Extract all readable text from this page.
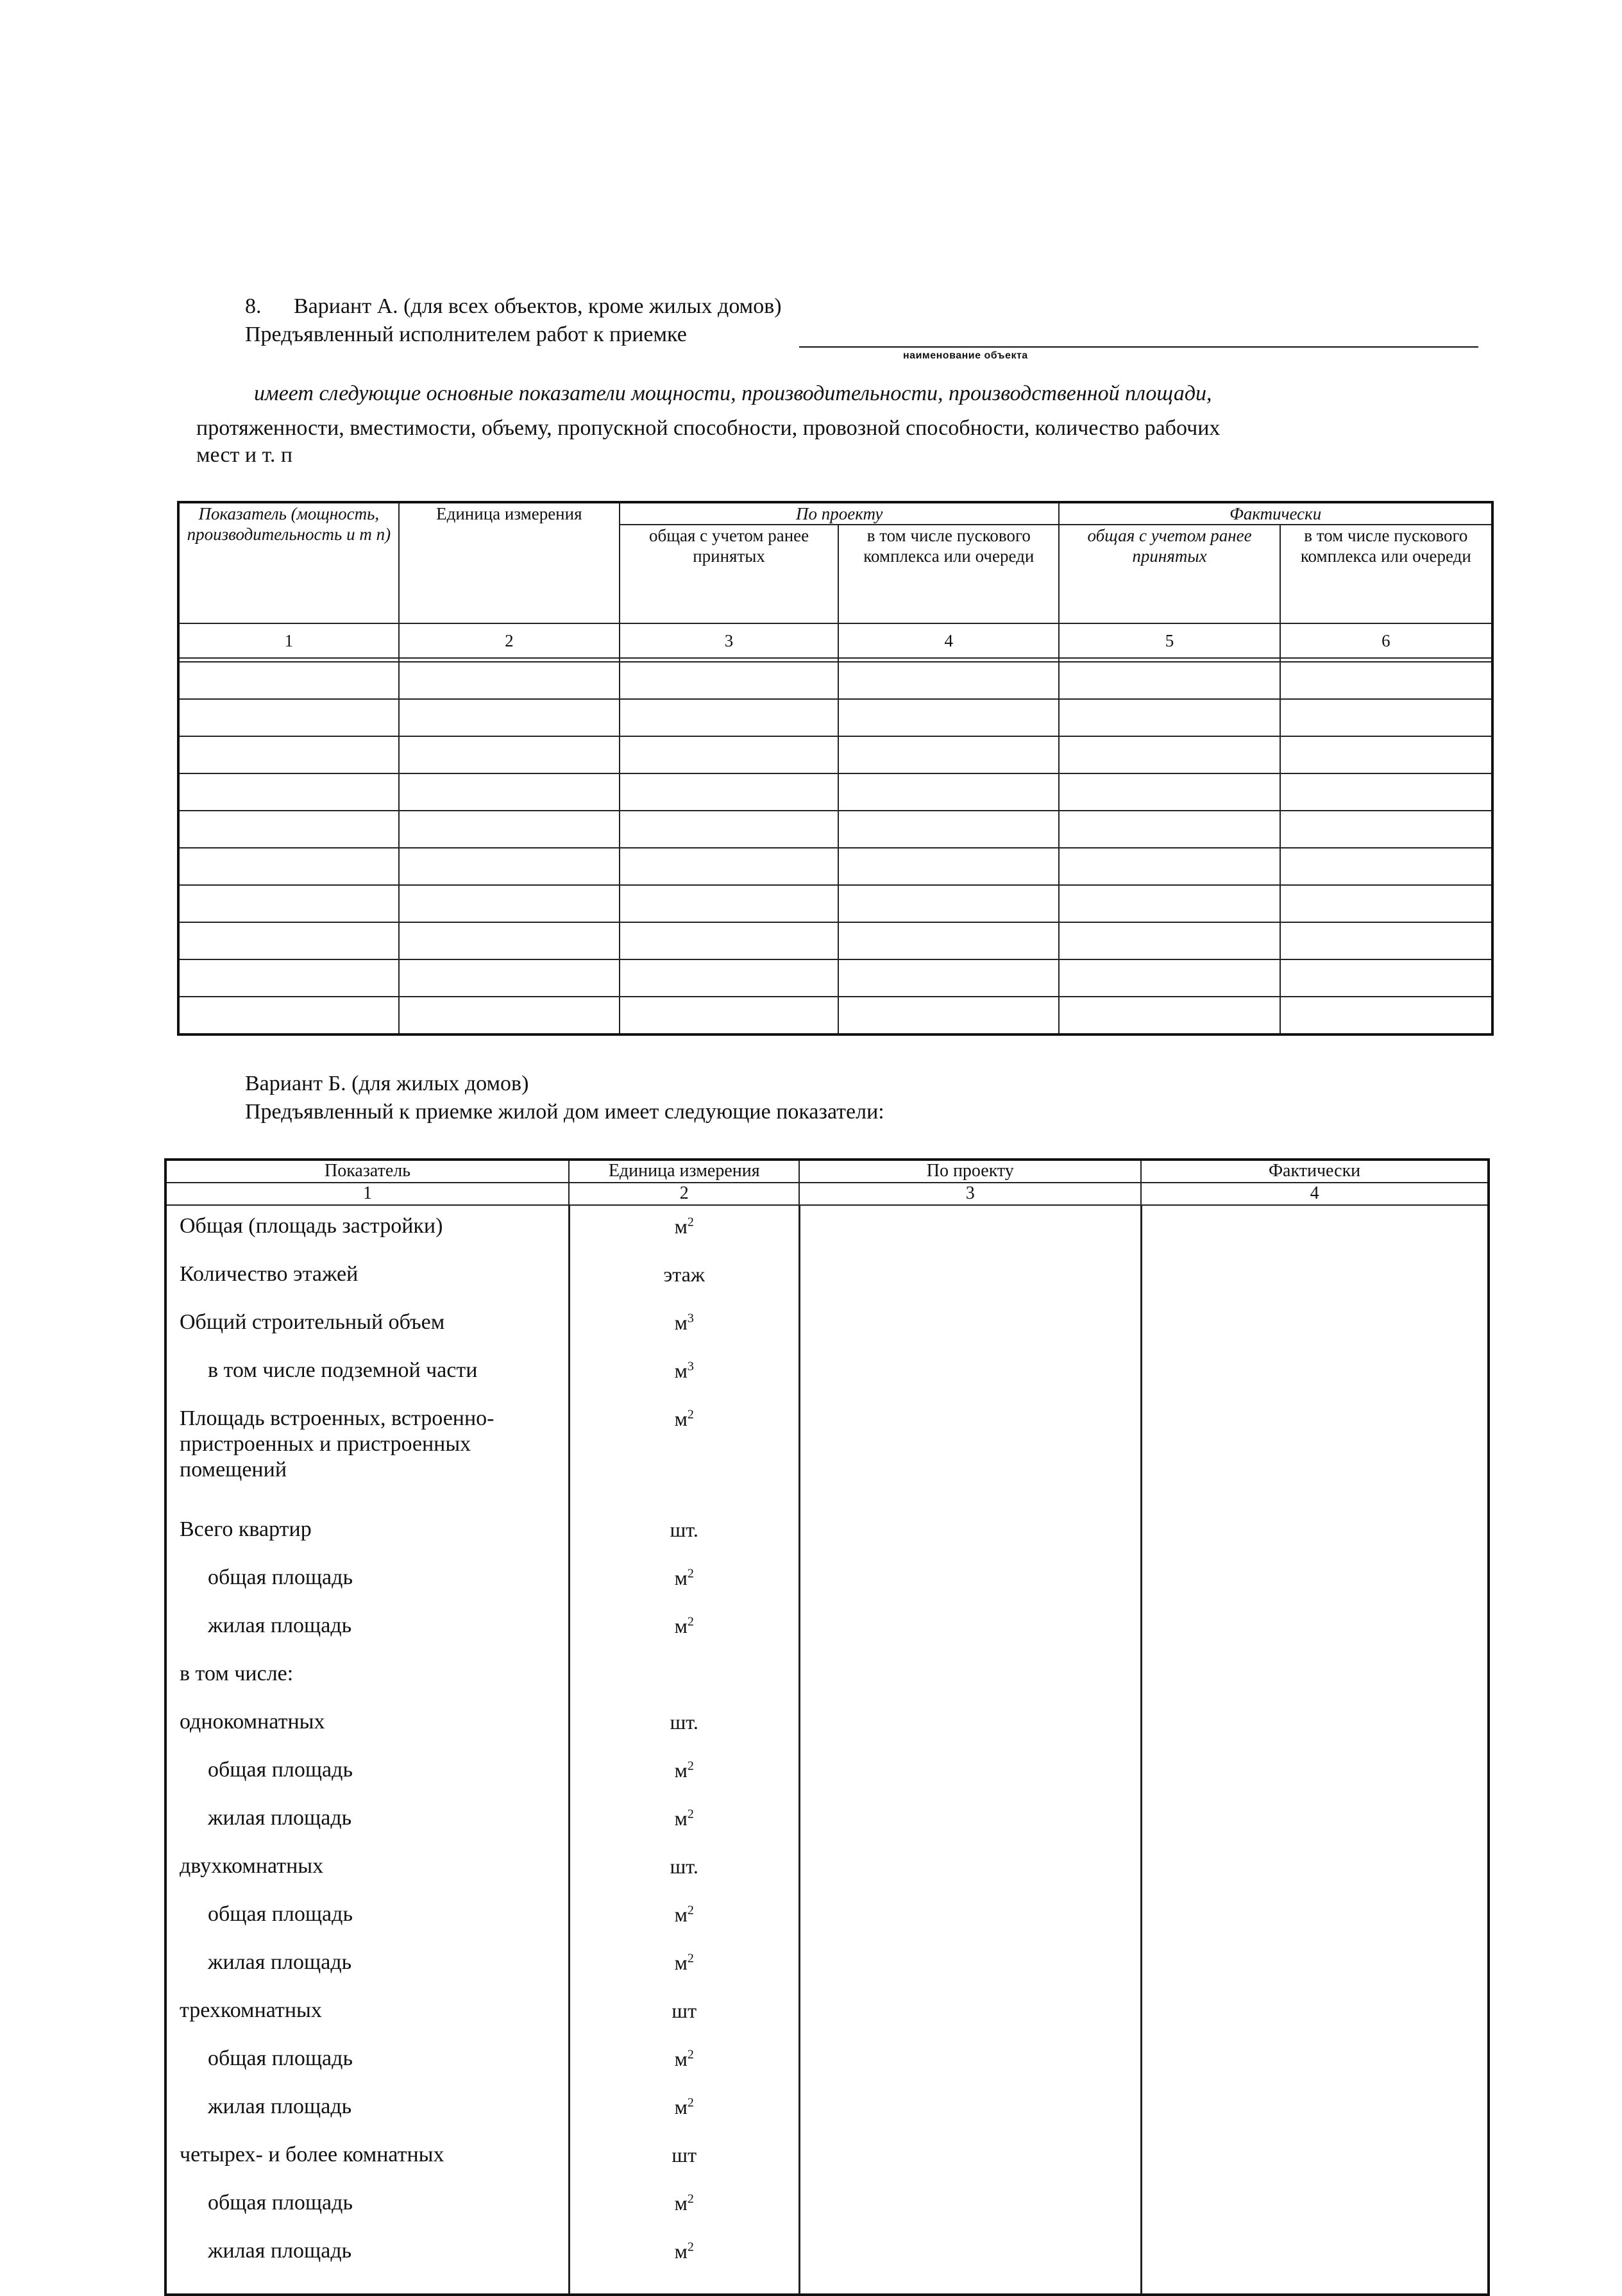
8. Вариант А. (для всех объектов, кроме жилых домов)
Предъявленный исполнителем работ к приемке
наименование объекта
имеет следующие основные показатели мощности, производительности, производственной площади,
протяженности, вместимости, объему, пропускной способности, провозной способности, количество рабочих
мест и т. п
Показатель (мощность, производительность и т п)	Единица измерения	По проекту		Фактически	
		общая с учетом ранее принятых	в том числе пускового комплекса или очереди	общая с учетом ранее принятых	в том числе пускового комплекса или очереди
1	2	3	4	5	6

Вариант Б. (для жилых домов)
Предъявленный к приемке жилой дом имеет следующие показатели:
Показатель	Единица измерения	По проекту	Фактически
1	2	3	4
Общая (площадь застройки)	$м^2$		
Количество этажей	этаж		
Общий строительный объем	$м^3$		
в том числе подземной части	$м^3$		
Площадь встроенных, встроенно-пристроенных и пристроенных помещений	$м^2$		
Всего квартир	шт.		
общая площадь	$м^2$		
жилая площадь	$м^2$		
в том числе:			
однокомнатных	шт.		
общая площадь	$м^2$		
жилая площадь	$м^2$		
двухкомнатных	шт.		
общая площадь	$м^2$		
жилая площадь	$м^2$		
трехкомнатных	шт		
общая площадь	$м^2$		
жилая площадь	$м^2$		
четырех- и более комнатных	шт		
общая площадь	$м^2$		
жилая площадь	$м^2$		
